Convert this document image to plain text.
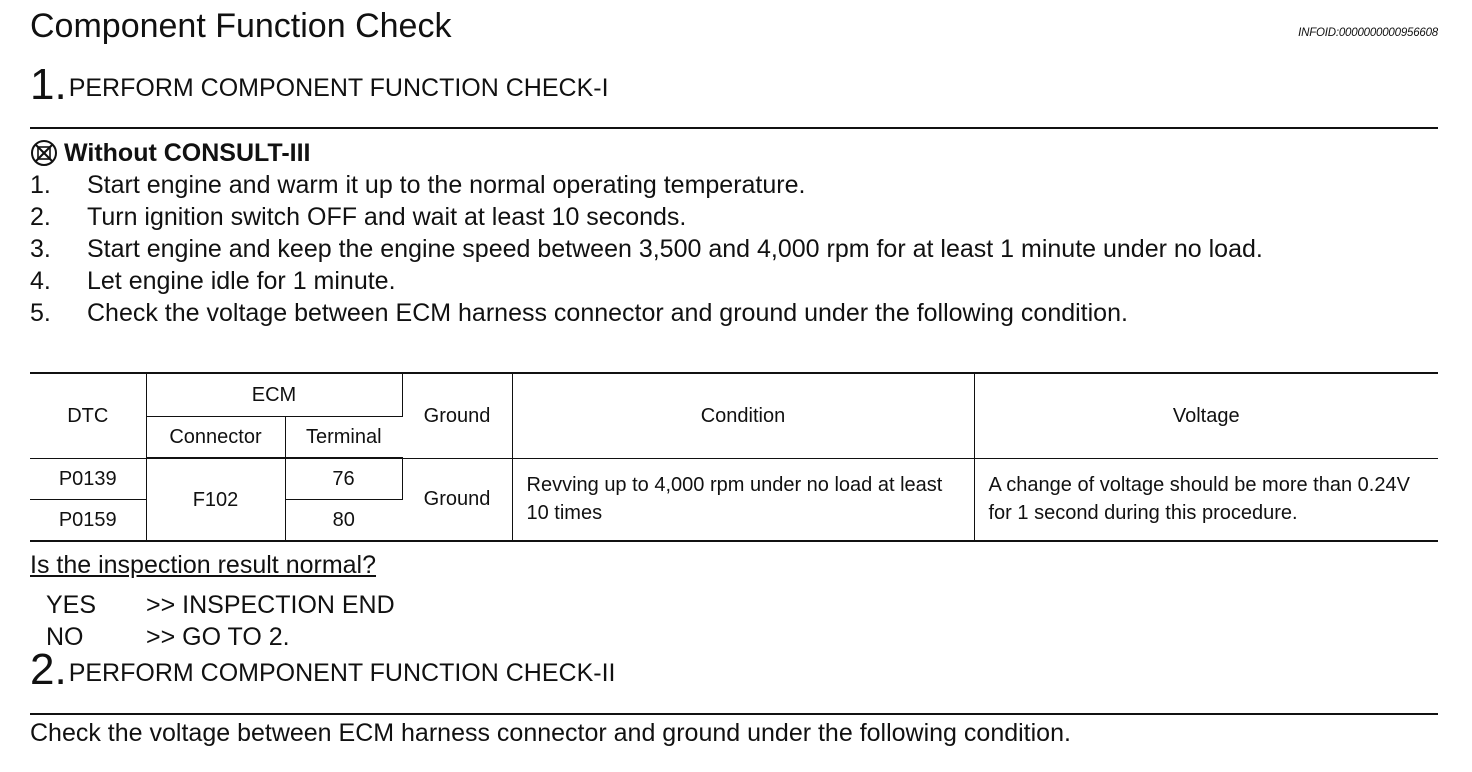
Component Function Check	INFOID:0000000000956608
1.PERFORM COMPONENT FUNCTION CHECK-I
Without CONSULT-III
1.	Start engine and warm it up to the normal operating temperature.
2.	Turn ignition switch OFF and wait at least 10 seconds.
3.	Start engine and keep the engine speed between 3,500 and 4,000 rpm for at least 1 minute under no load.
4.	Let engine idle for 1 minute.
5.	Check the voltage between ECM harness connector and ground under the following condition.
DTC	ECM		Ground	Condition	Voltage
	Connector	Terminal			
P0139	F102	76	Ground	Revving up to 4,000 rpm under no load at least 10 times	A change of voltage should be more than 0.24V for 1 second during this procedure.
P0159		80			
Is the inspection result normal?
YES	>> INSPECTION END
NO	>> GO TO 2.
2.PERFORM COMPONENT FUNCTION CHECK-II
Check the voltage between ECM harness connector and ground under the following condition.
